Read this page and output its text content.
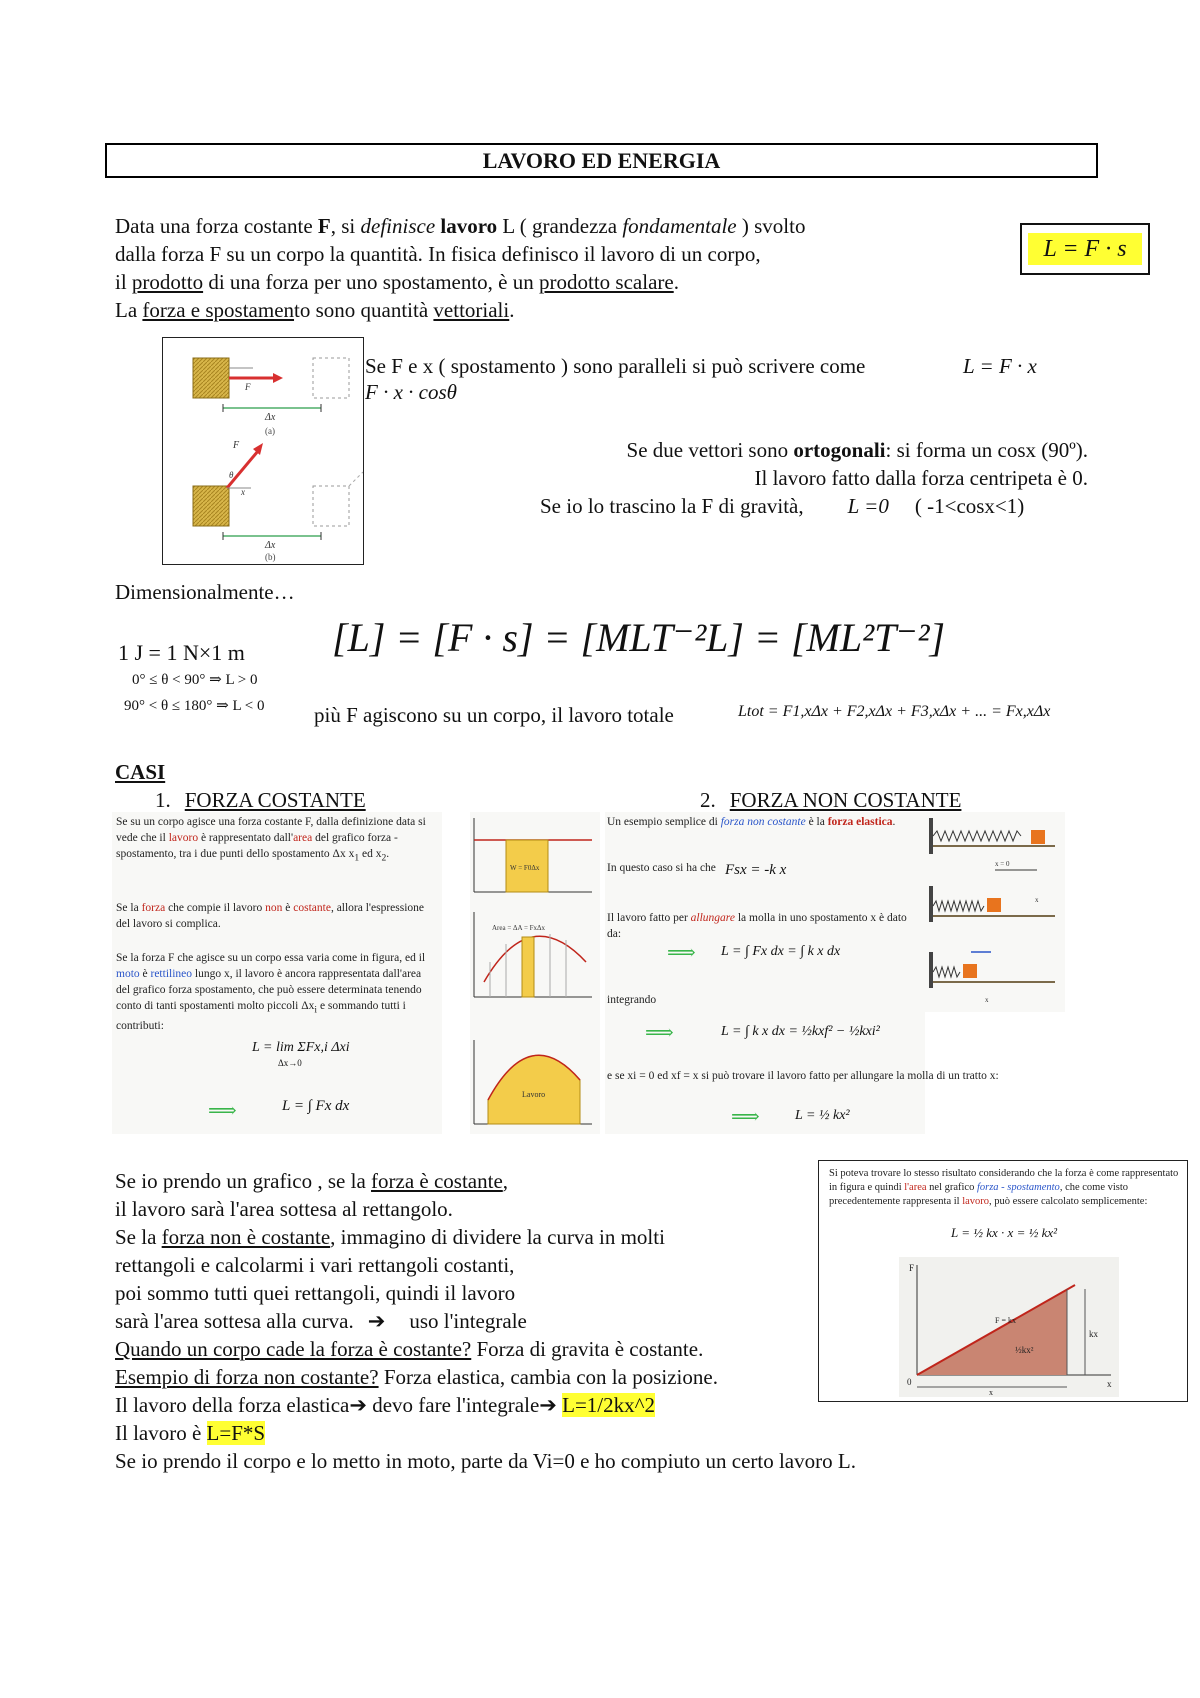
LAVORO ED ENERGIA
Data una forza costante F, si definisce lavoro L ( grandezza fondamentale ) svolto
dalla forza F su un corpo la quantità. In fisica definisco il lavoro di un corpo,
il prodotto di una forza per uno spostamento, è un prodotto scalare.
La forza e spostamento sono quantità vettoriali.
L = F · s
Δx
(a)
F
θ
F
x
Δx
(b)
Se F e x ( spostamento ) sono paralleli si può scrivere come	L = F · x
F · x · cosθ
Se due vettori sono ortogonali: si forma un cosx (90º).
Il lavoro fatto dalla forza centripeta è 0.
Se io lo trascino la F di gravità, L =0 ( -1<cosx<1)
Dimensionalmente…
1 J = 1 N×1 m
0° ≤ θ < 90° ⇒ L > 0
90° < θ ≤ 180° ⇒ L < 0
[L] = [F · s] = [MLT⁻²L] = [ML²T⁻²]
più F agiscono su un corpo, il lavoro totale	Ltot = F1,xΔx + F2,xΔx + F3,xΔx + ... = Fx,xΔx
CASI
1. FORZA COSTANTE	2. FORZA NON COSTANTE
Se su un corpo agisce una forza costante F, dalla definizione data si vede che il lavoro è rappresentato dall'area del grafico forza - spostamento, tra i due punti dello spostamento Δx $x_1$ ed $x_2$.
Se la forza che compie il lavoro non è costante, allora l'espressione del lavoro si complica.
Se la forza F che agisce su un corpo essa varia come in figura, ed il moto è rettilineo lungo x, il lavoro è ancora rappresentata dall'area del grafico forza spostamento, che può essere determinata tenendo conto di tanti spostamenti molto piccoli $\Delta x_i$ e sommando tutti i contributi:
L = lim ΣFx,i Δxi
Δx→0
⟹	L = ∫ Fx dx
W = F0Δx
Area = ΔA = FxΔx
Lavoro
Un esempio semplice di forza non costante è la forza elastica.
In questo caso si ha che Fsx = -k x
Il lavoro fatto per allungare la molla in uno spostamento x è dato da:
⟹ L = ∫ Fx dx = ∫ k x dx
integrando
⟹	L = ∫ k x dx = ½kxf² − ½kxi²
e se xi = 0 ed xf = x si può trovare il lavoro fatto per allungare la molla di un tratto x:
⟹	L = ½ kx²
x = 0
x
x
Se io prendo un grafico , se la forza è costante,
il lavoro sarà l'area sottesa al rettangolo.
Se la forza non è costante, immagino di dividere la curva in molti
rettangoli e calcolarmi i vari rettangoli costanti,
poi sommo tutti quei rettangoli, quindi il lavoro
sarà l'area sottesa alla curva. ➔ uso l'integrale
Quando un corpo cade la forza è costante? Forza di gravita è costante.
Esempio di forza non costante? Forza elastica, cambia con la posizione.
Il lavoro della forza elastica➔ devo fare l'integrale➔ L=1/2kx^2
Il lavoro è L=F*S
Se io prendo il corpo e lo metto in moto, parte da Vi=0 e ho compiuto un certo lavoro L.
Si poteva trovare lo stesso risultato considerando che la forza è come rappresentato in figura e quindi l'area nel grafico forza - spostamento, che come visto precedentemente rappresenta il lavoro, può essere calcolato semplicemente:
L = ½ kx · x = ½ kx²
F
x
0
kx
F = kx
½kx²
x
